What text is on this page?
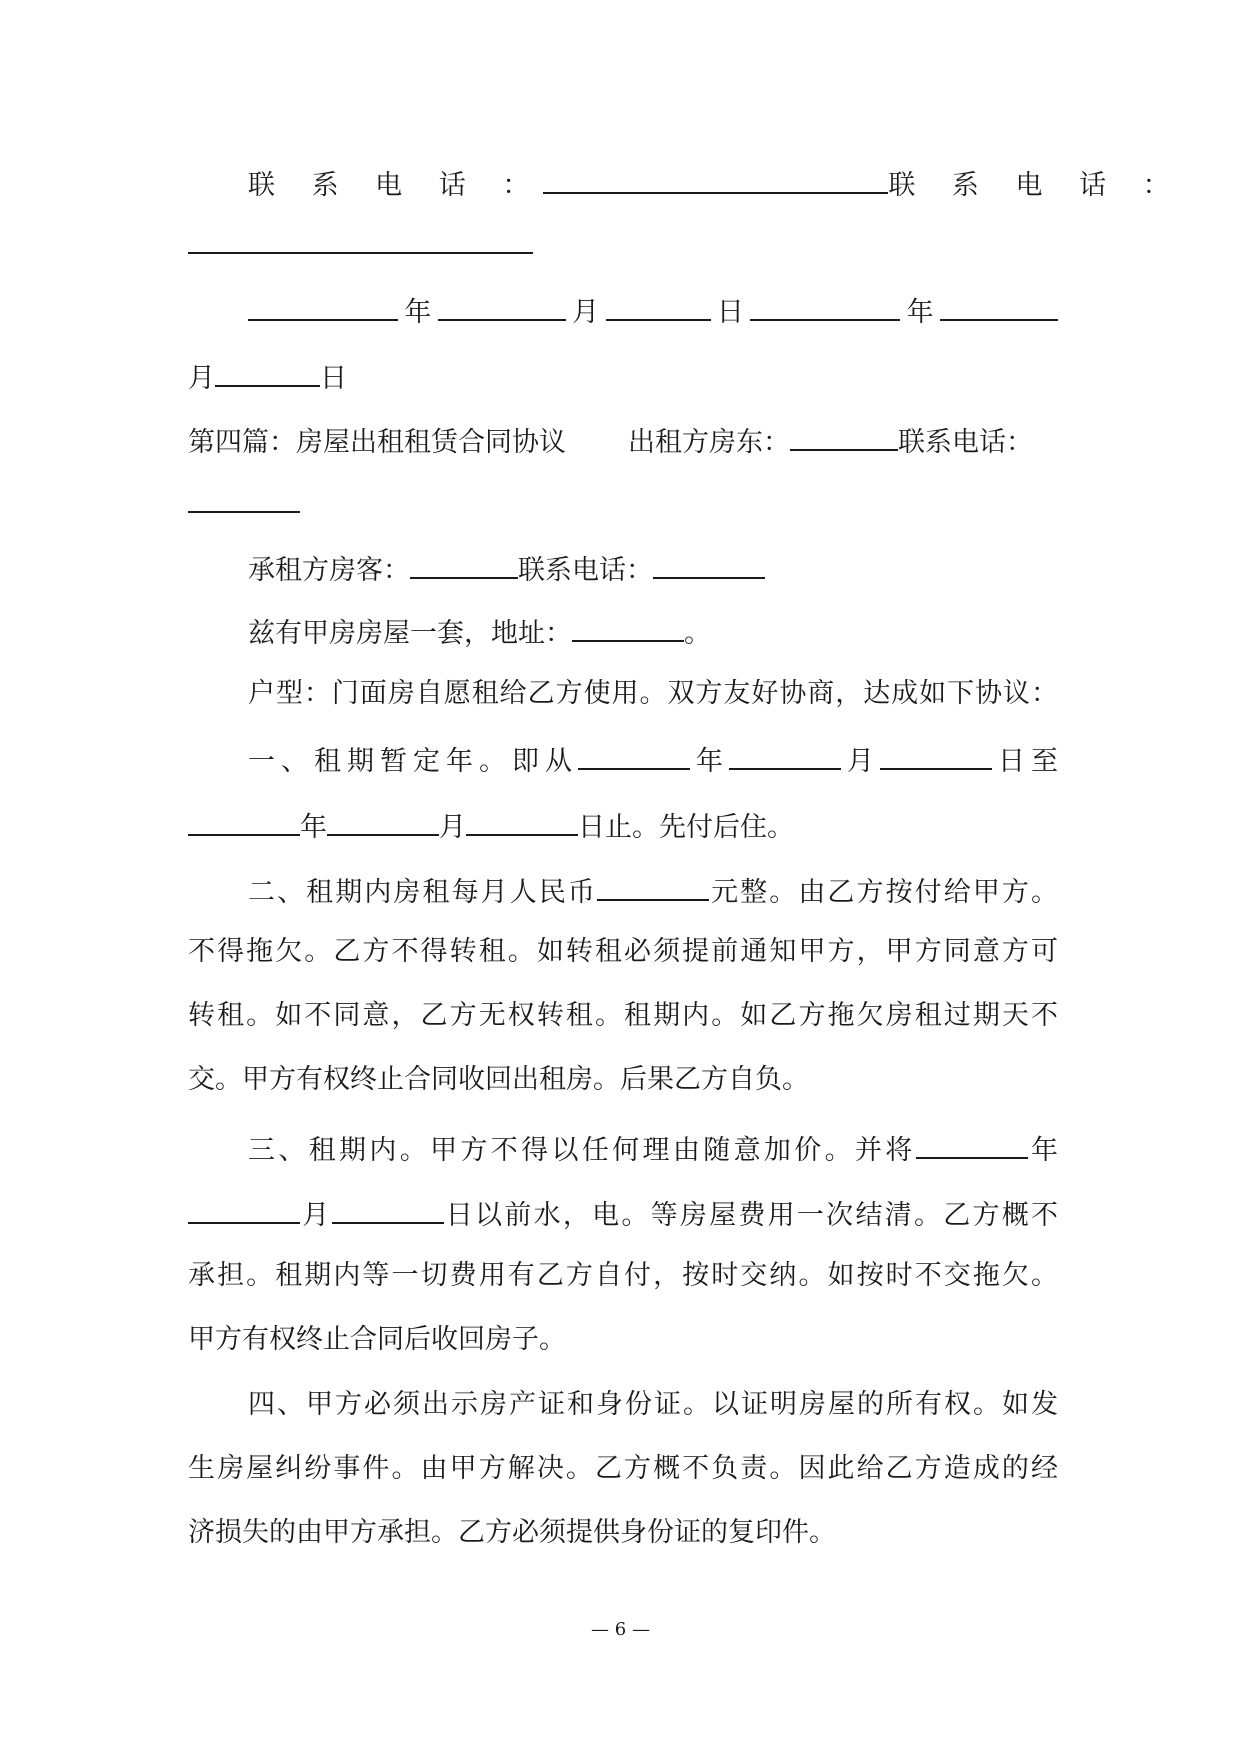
联 系 电 话 ：	联 系 电 话 ：
年	月	日	年
月	日
第四篇：房屋出租租赁合同协议 出租方房东：	联系电话：
承租方房客：	联系电话：
兹有甲房房屋一套，地址：	。
户型：门面房自愿租给乙方使用。双方友好协商，达成如下协议：
一、租期暂定年。即从	年	月	日至
年	月	日止。先付后住。
二、租期内房租每月人民币	元整。由乙方按付给甲方。
不得拖欠。乙方不得转租。如转租必须提前通知甲方，甲方同意方可
转租。如不同意，乙方无权转租。租期内。如乙方拖欠房租过期天不
交。甲方有权终止合同收回出租房。后果乙方自负。
三、租期内。甲方不得以任何理由随意加价。并将	年
月	日以前水，电。等房屋费用一次结清。乙方概不
承担。租期内等一切费用有乙方自付，按时交纳。如按时不交拖欠。
甲方有权终止合同后收回房子。
四、甲方必须出示房产证和身份证。以证明房屋的所有权。如发
生房屋纠纷事件。由甲方解决。乙方概不负责。因此给乙方造成的经
济损失的由甲方承担。乙方必须提供身份证的复印件。
— 6 —
